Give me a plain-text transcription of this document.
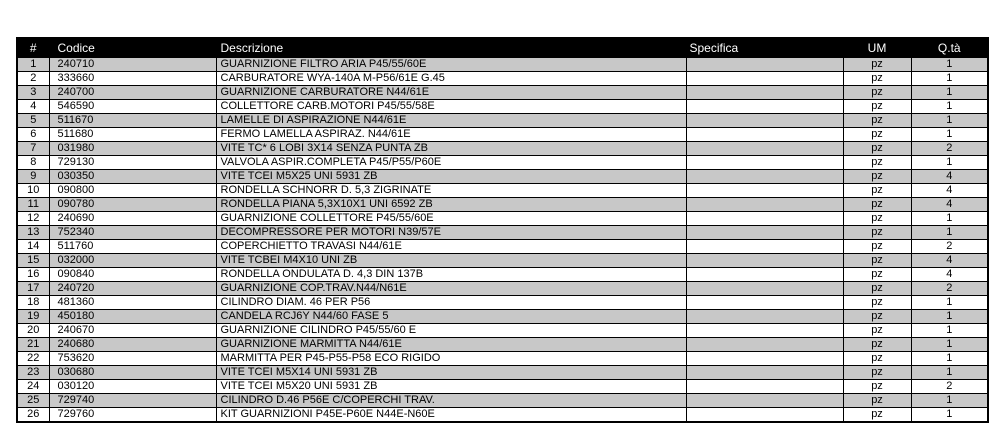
#	Codice	Descrizione	Specifica	UM	Q.tà
1	240710	GUARNIZIONE FILTRO ARIA P45/55/60E		pz	1
2	333660	CARBURATORE WYA-140A M-P56/61E G.45		pz	1
3	240700	GUARNIZIONE CARBURATORE N44/61E		pz	1
4	546590	COLLETTORE CARB.MOTORI P45/55/58E		pz	1
5	511670	LAMELLE DI ASPIRAZIONE N44/61E		pz	1
6	511680	FERMO LAMELLA ASPIRAZ. N44/61E		pz	1
7	031980	VITE TC* 6 LOBI 3X14 SENZA PUNTA ZB		pz	2
8	729130	VALVOLA ASPIR.COMPLETA P45/P55/P60E		pz	1
9	030350	VITE TCEI M5X25 UNI 5931 ZB		pz	4
10	090800	RONDELLA SCHNORR D. 5,3 ZIGRINATE		pz	4
11	090780	RONDELLA PIANA 5,3X10X1 UNI 6592 ZB		pz	4
12	240690	GUARNIZIONE COLLETTORE P45/55/60E		pz	1
13	752340	DECOMPRESSORE PER MOTORI N39/57E		pz	1
14	511760	COPERCHIETTO TRAVASI N44/61E		pz	2
15	032000	VITE TCBEI M4X10 UNI ZB		pz	4
16	090840	RONDELLA ONDULATA D. 4,3 DIN 137B		pz	4
17	240720	GUARNIZIONE COP.TRAV.N44/N61E		pz	2
18	481360	CILINDRO DIAM. 46 PER P56		pz	1
19	450180	CANDELA RCJ6Y N44/60 FASE 5		pz	1
20	240670	GUARNIZIONE CILINDRO P45/55/60 E		pz	1
21	240680	GUARNIZIONE MARMITTA N44/61E		pz	1
22	753620	MARMITTA PER P45-P55-P58 ECO RIGIDO		pz	1
23	030680	VITE TCEI M5X14 UNI 5931 ZB		pz	1
24	030120	VITE TCEI M5X20 UNI 5931 ZB		pz	2
25	729740	CILINDRO D.46 P56E C/COPERCHI TRAV.		pz	1
26	729760	KIT GUARNIZIONI P45E-P60E N44E-N60E		pz	1
